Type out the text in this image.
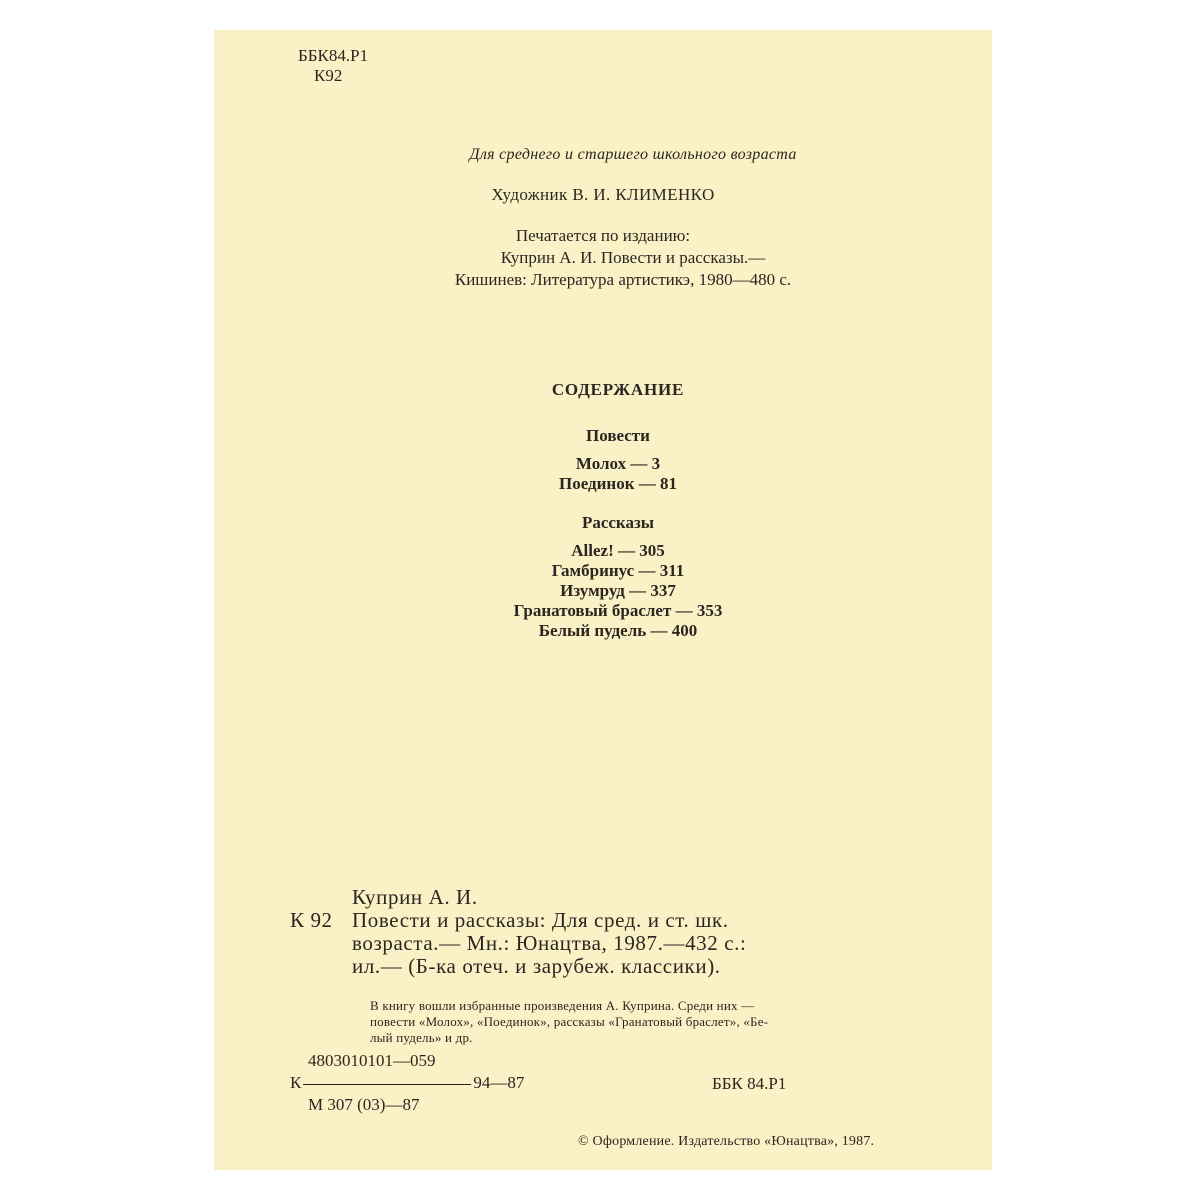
ББК84.Р1
К92
Для среднего и старшего школьного возраста
Художник В. И. КЛИМЕНКО
Печатается по изданию:
Куприн А. И. Повести и рассказы.—
Кишинев: Литература артистикэ, 1980—480 с.
СОДЕРЖАНИЕ
Повести
Молох — 3
Поединок — 81
Рассказы
Allez! — 305
Гамбринус — 311
Изумруд — 337
Гранатовый браслет — 353
Белый пудель — 400
Куприн А. И.
К 92 Повести и рассказы: Для сред. и ст. шк.
возраста.— Мн.: Юнацтва, 1987.—432 с.:
ил.— (Б-ка отеч. и зарубеж. классики).
В книгу вошли избранные произведения А. Куприна. Среди них —
повести «Молох», «Поединок», рассказы «Гранатовый браслет», «Бе-
лый пудель» и др.
4803010101—059
К	94—87
М 307 (03)—87
ББК 84.Р1
© Оформление. Издательство «Юнацтва», 1987.
